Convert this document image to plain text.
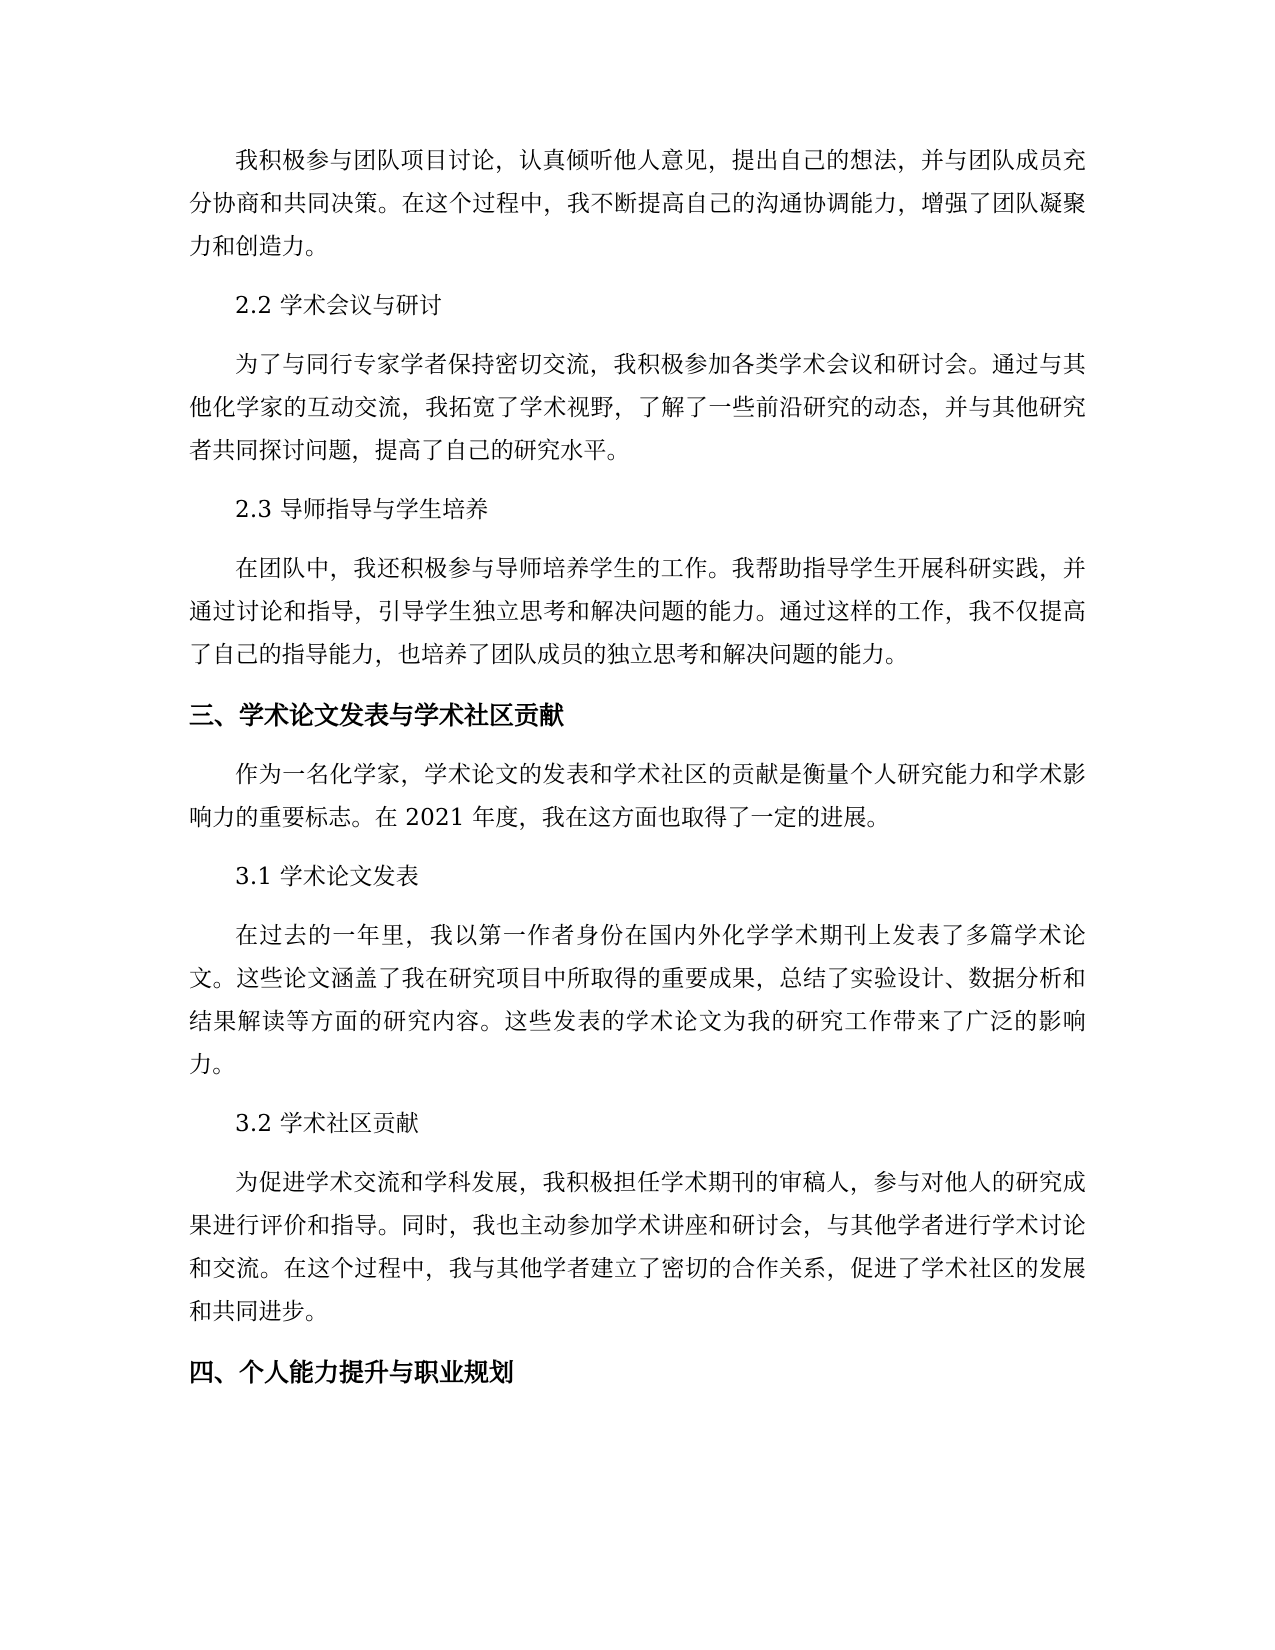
我积极参与团队项目讨论，认真倾听他人意见，提出自己的想法，并与团队成员充分协商和共同决策。在这个过程中，我不断提高自己的沟通协调能力，增强了团队凝聚力和创造力。

2.2 学术会议与研讨

为了与同行专家学者保持密切交流，我积极参加各类学术会议和研讨会。通过与其他化学家的互动交流，我拓宽了学术视野，了解了一些前沿研究的动态，并与其他研究者共同探讨问题，提高了自己的研究水平。

2.3 导师指导与学生培养

在团队中，我还积极参与导师培养学生的工作。我帮助指导学生开展科研实践，并通过讨论和指导，引导学生独立思考和解决问题的能力。通过这样的工作，我不仅提高了自己的指导能力，也培养了团队成员的独立思考和解决问题的能力。

三、学术论文发表与学术社区贡献

作为一名化学家，学术论文的发表和学术社区的贡献是衡量个人研究能力和学术影响力的重要标志。在 2021 年度，我在这方面也取得了一定的进展。

3.1 学术论文发表

在过去的一年里，我以第一作者身份在国内外化学学术期刊上发表了多篇学术论文。这些论文涵盖了我在研究项目中所取得的重要成果，总结了实验设计、数据分析和结果解读等方面的研究内容。这些发表的学术论文为我的研究工作带来了广泛的影响力。

3.2 学术社区贡献

为促进学术交流和学科发展，我积极担任学术期刊的审稿人，参与对他人的研究成果进行评价和指导。同时，我也主动参加学术讲座和研讨会，与其他学者进行学术讨论和交流。在这个过程中，我与其他学者建立了密切的合作关系，促进了学术社区的发展和共同进步。

四、个人能力提升与职业规划
